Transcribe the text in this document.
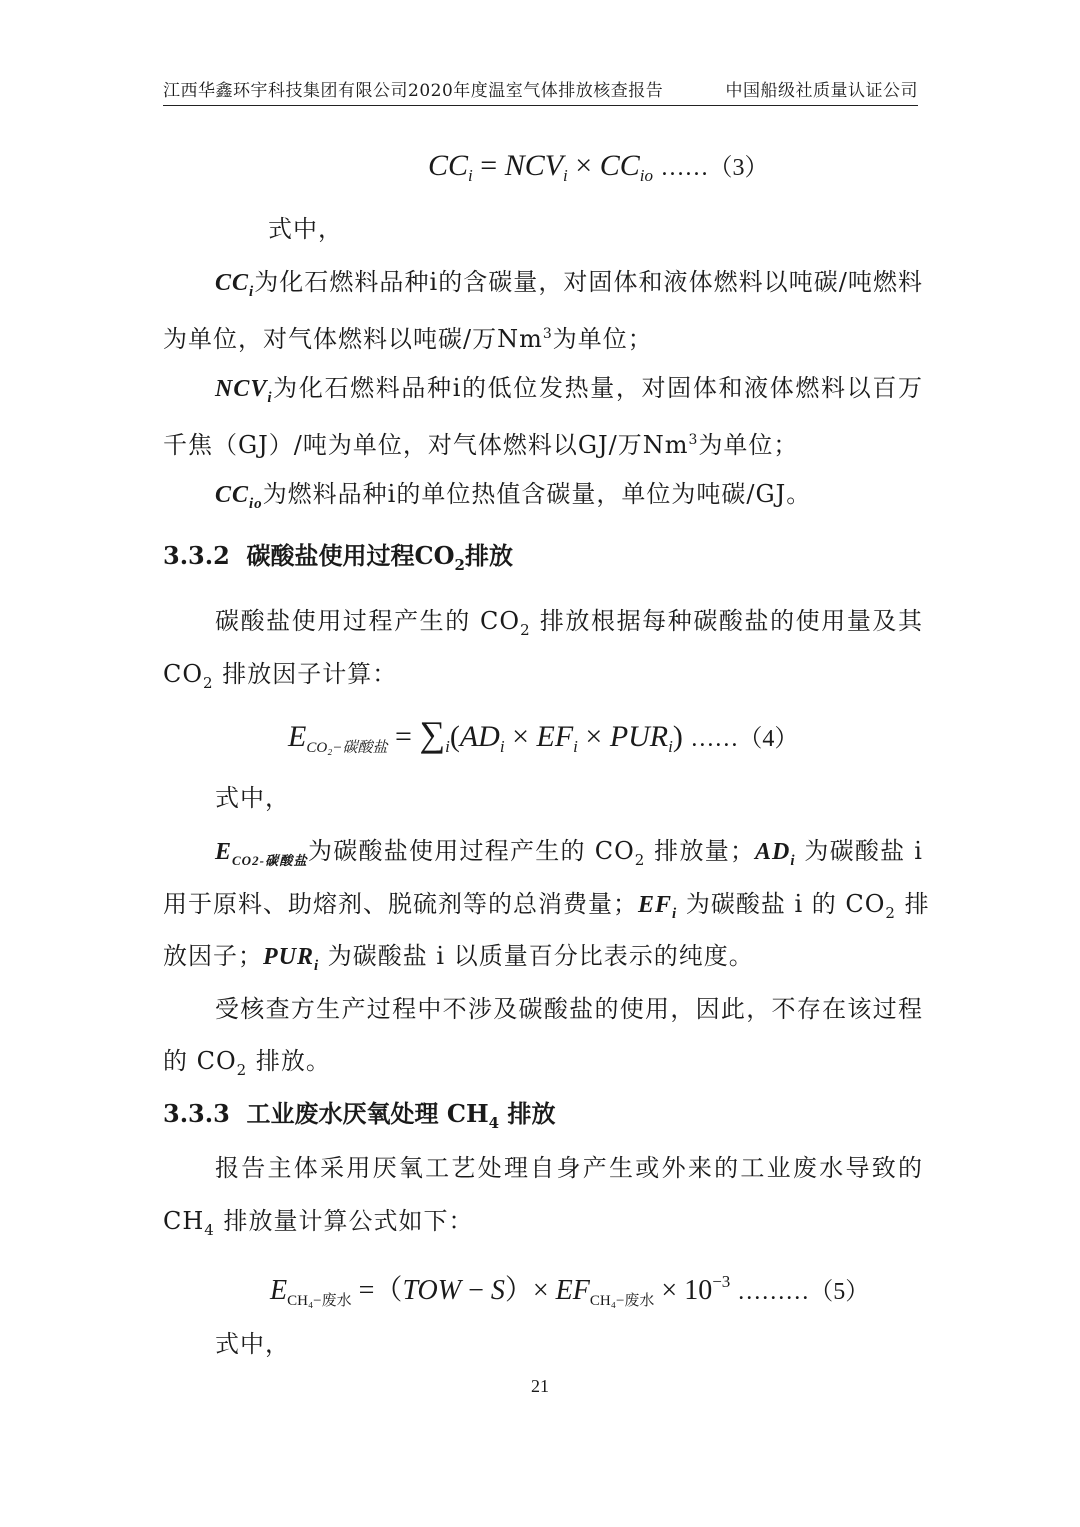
江西华鑫环宇科技集团有限公司2020年度温室气体排放核查报告	中国船级社质量认证公司
$CC_i = NCV_i \times CC_{io}$ ……（3）
式中，
$CC_i$为化石燃料品种i的含碳量，对固体和液体燃料以吨碳/吨燃料
为单位，对气体燃料以吨碳/万Nm$^3$为单位；
$NCV_i$为化石燃料品种i的低位发热量，对固体和液体燃料以百万
千焦（GJ）/吨为单位，对气体燃料以GJ/万Nm$^3$为单位；
$CC_{io}$为燃料品种i的单位热值含碳量，单位为吨碳/GJ。
3.3.2 碳酸盐使用过程$CO_2$排放
碳酸盐使用过程产生的 $CO_2$ 排放根据每种碳酸盐的使用量及其
$CO_2$ 排放因子计算：
$E_{CO_2-碳酸盐} = \sum_i(AD_i \times EF_i \times PUR_i)$ ……（4）
式中，
$E_{CO2-碳酸盐}$为碳酸盐使用过程产生的 $CO_2$ 排放量；$AD_i$ 为碳酸盐 i
用于原料、助熔剂、脱硫剂等的总消费量；$EF_i$ 为碳酸盐 i 的 $CO_2$ 排
放因子；$PUR_i$ 为碳酸盐 i 以质量百分比表示的纯度。
受核查方生产过程中不涉及碳酸盐的使用，因此，不存在该过程
的 $CO_2$ 排放。
3.3.3 工业废水厌氧处理 $CH_4$ 排放
报告主体采用厌氧工艺处理自身产生或外来的工业废水导致的
$CH_4$ 排放量计算公式如下：
$E_{CH_4-废水} =(TOW - S)\times EF_{CH_4-废水} \times 10^{-3}$ ………（5）
式中，
21
